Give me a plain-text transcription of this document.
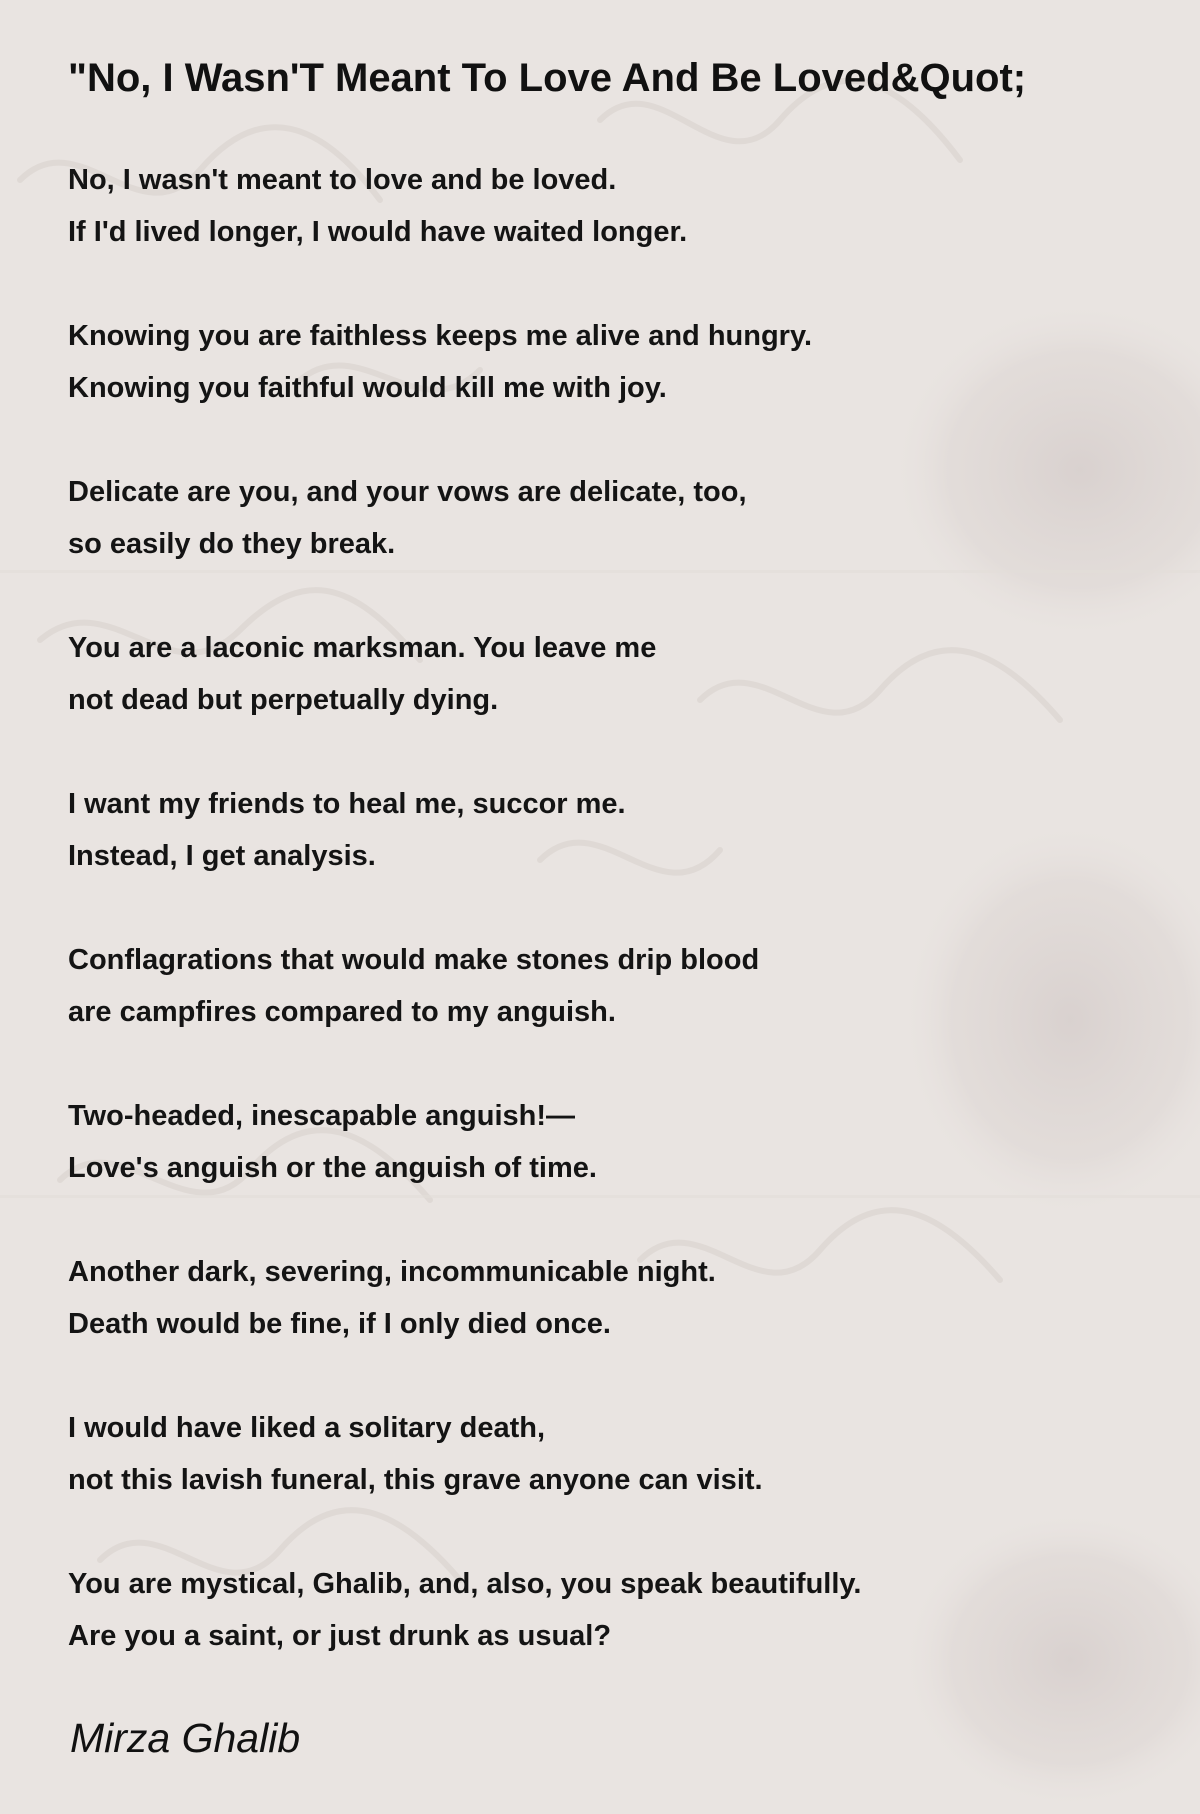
"No, I Wasn'T Meant To Love And Be Loved&Quot;
No, I wasn't meant to love and be loved.
If I'd lived longer, I would have waited longer.
Knowing you are faithless keeps me alive and hungry.
Knowing you faithful would kill me with joy.
Delicate are you, and your vows are delicate, too,
so easily do they break.
You are a laconic marksman. You leave me
not dead but perpetually dying.
I want my friends to heal me, succor me.
Instead, I get analysis.
Conflagrations that would make stones drip blood
are campfires compared to my anguish.
Two-headed, inescapable anguish!—
Love's anguish or the anguish of time.
Another dark, severing, incommunicable night.
Death would be fine, if I only died once.
I would have liked a solitary death,
not this lavish funeral, this grave anyone can visit.
You are mystical, Ghalib, and, also, you speak beautifully.
Are you a saint, or just drunk as usual?
Mirza Ghalib
